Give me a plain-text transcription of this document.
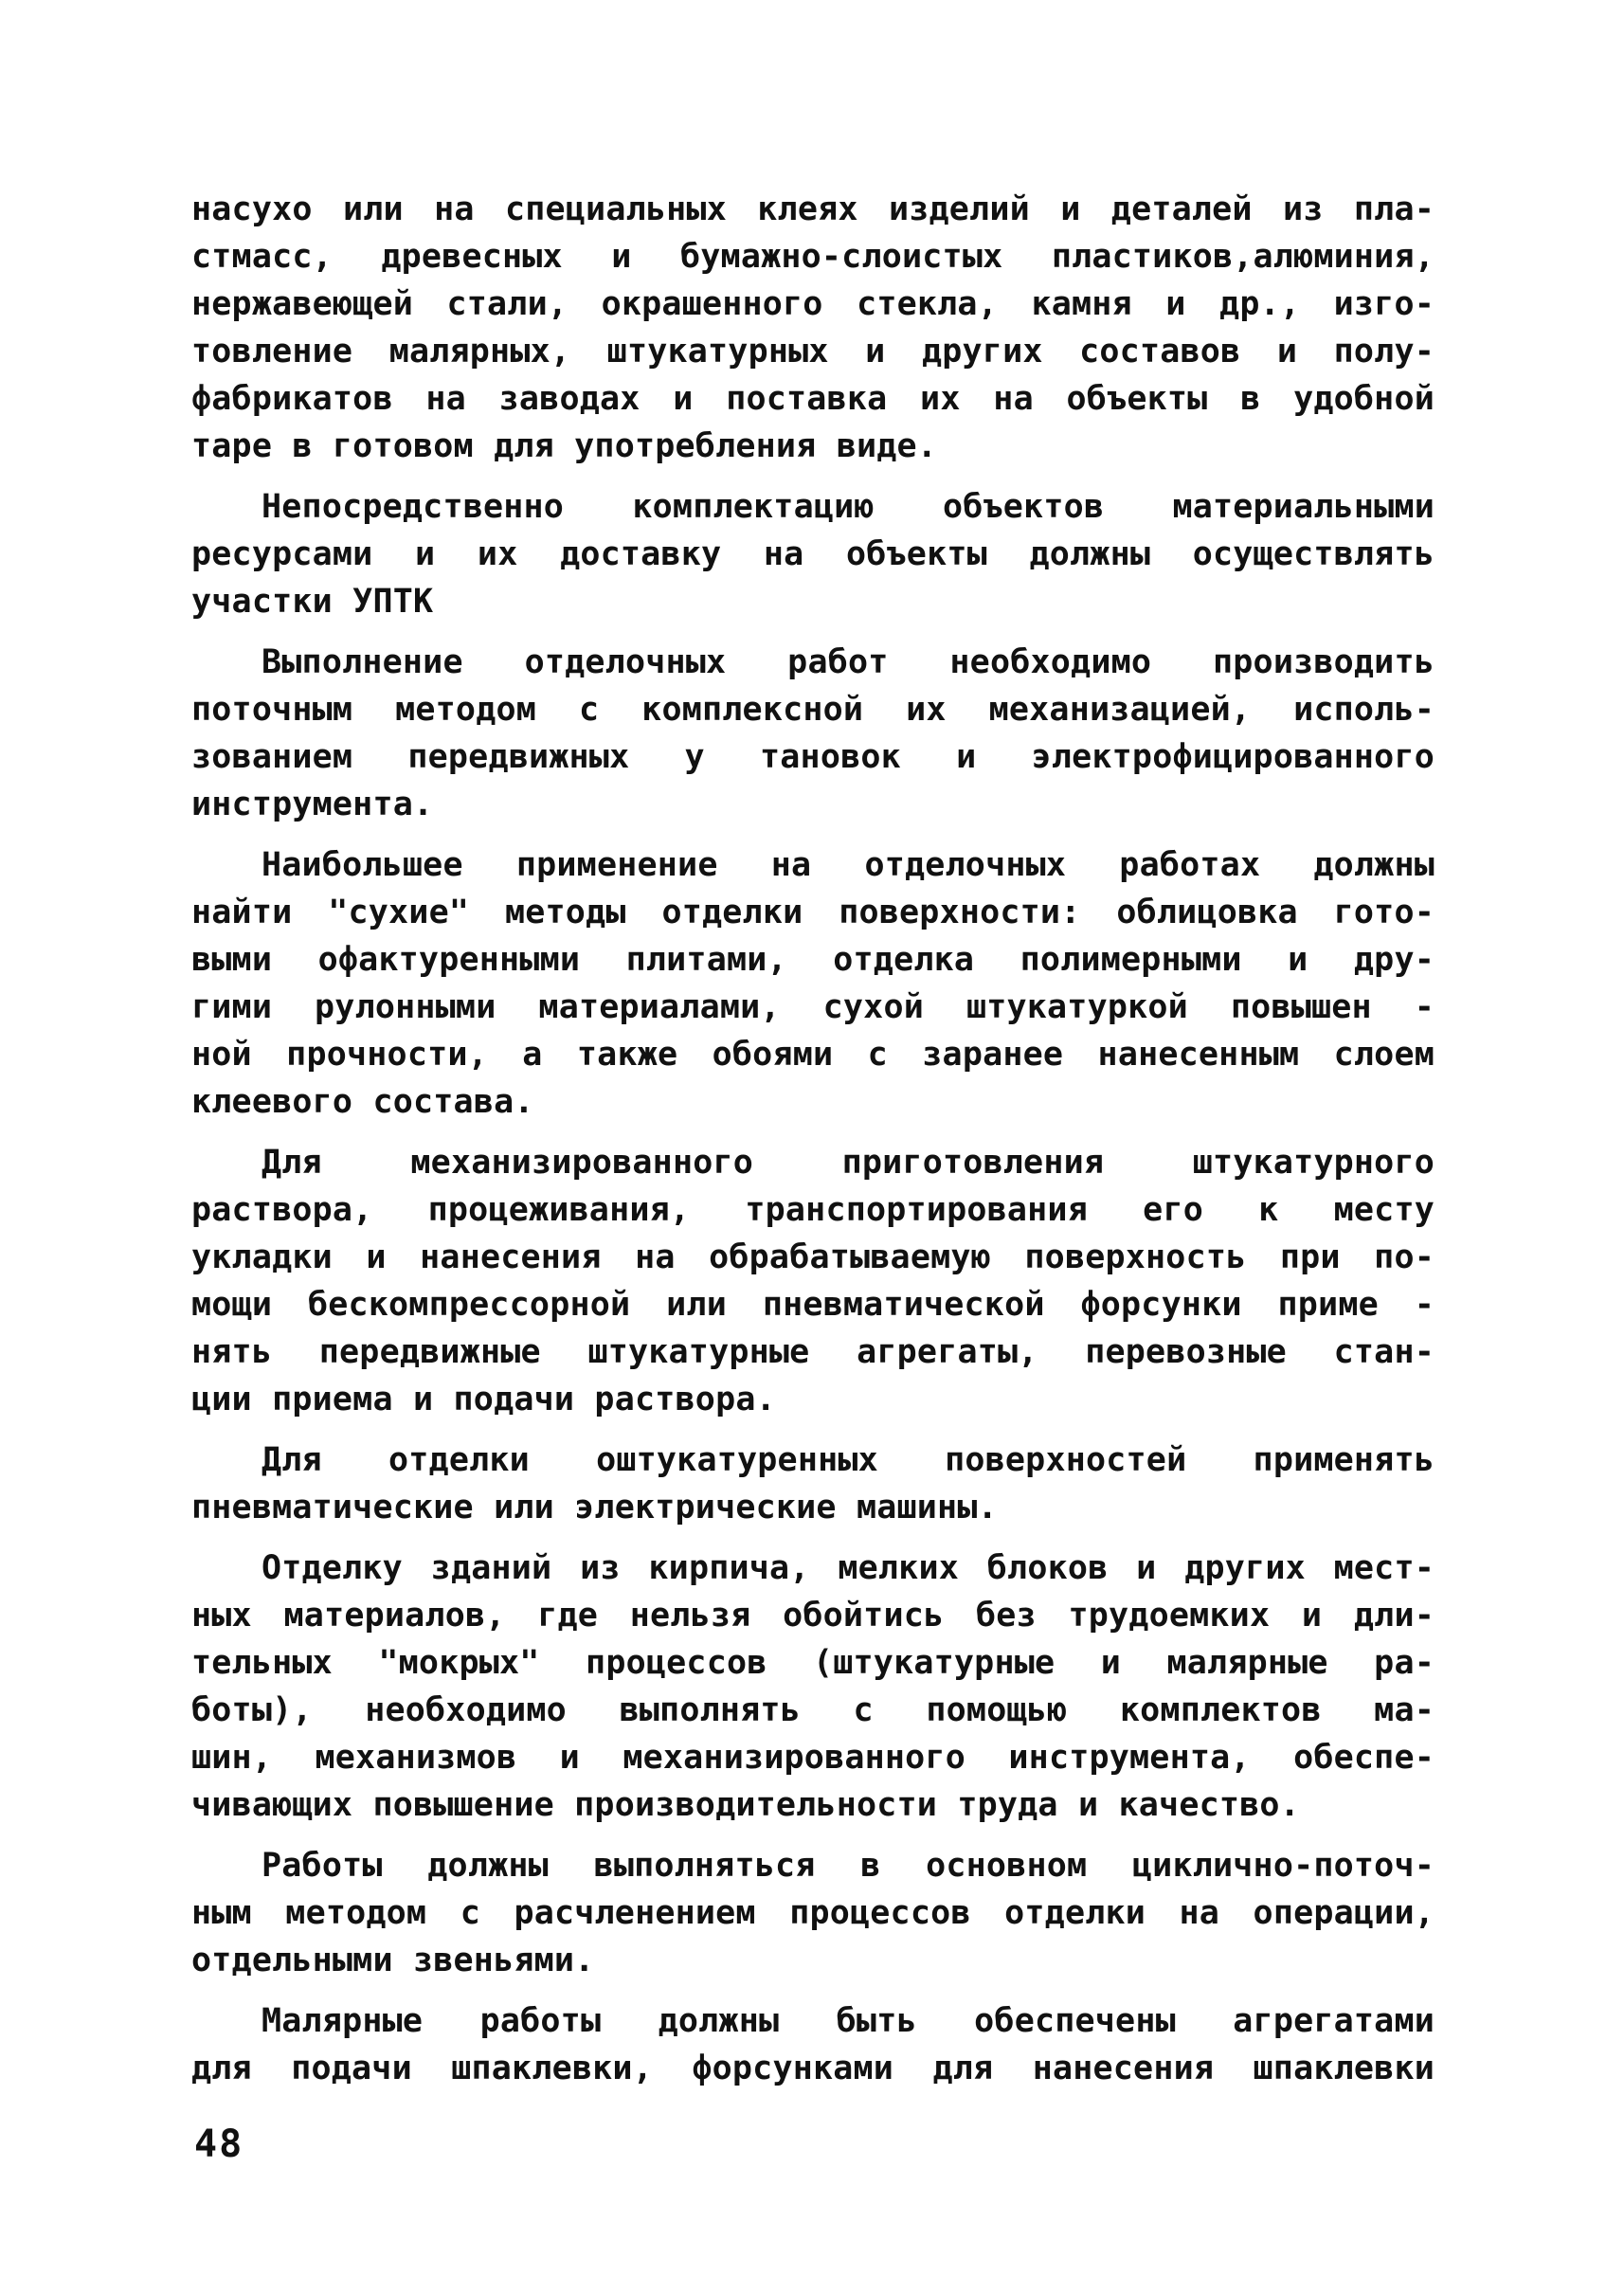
насухо или на специальных клеях изделий и деталей из пла-
стмасс, древесных и бумажно-слоистых пластиков,алюминия,
нержавеющей стали, окрашенного стекла, камня и др., изго-
товление малярных, штукатурных и других составов и полу-
фабрикатов на заводах и поставка их на объекты в удобной
таре в готовом для употребления виде.
Непосредственно комплектацию объектов материальными
ресурсами и их доставку на объекты должны осуществлять
участки УПТК
Выполнение отделочных работ необходимо производить
поточным методом с комплексной их механизацией, исполь-
зованием передвижных у тановок и электрофицированного
инструмента.
Наибольшее применение на отделочных работах должны
найти "сухие" методы отделки поверхности: облицовка гото-
выми офактуренными плитами, отделка полимерными и дру-
гими рулонными материалами, сухой штукатуркой повышен -
ной прочности, а также обоями с заранее нанесенным слоем
клеевого состава.
Для механизированного приготовления штукатурного
раствора, процеживания, транспортирования его к месту
укладки и нанесения на обрабатываемую поверхность при по-
мощи бескомпрессорной или пневматической форсунки приме -
нять передвижные штукатурные агрегаты, перевозные стан-
ции приема и подачи раствора.
Для отделки оштукатуренных поверхностей применять
пневматические или электрические машины.
Отделку зданий из кирпича, мелких блоков и других мест-
ных материалов, где нельзя обойтись без трудоемких и дли-
тельных "мокрых" процессов (штукатурные и малярные ра-
боты), необходимо выполнять с помощью комплектов ма-
шин, механизмов и механизированного инструмента, обеспе-
чивающих повышение производительности труда и качество.
Работы должны выполняться в основном циклично-поточ-
ным методом с расчленением процессов отделки на операции,
отдельными звеньями.
Малярные работы должны быть обеспечены агрегатами
для подачи шпаклевки, форсунками для нанесения шпаклевки
48
